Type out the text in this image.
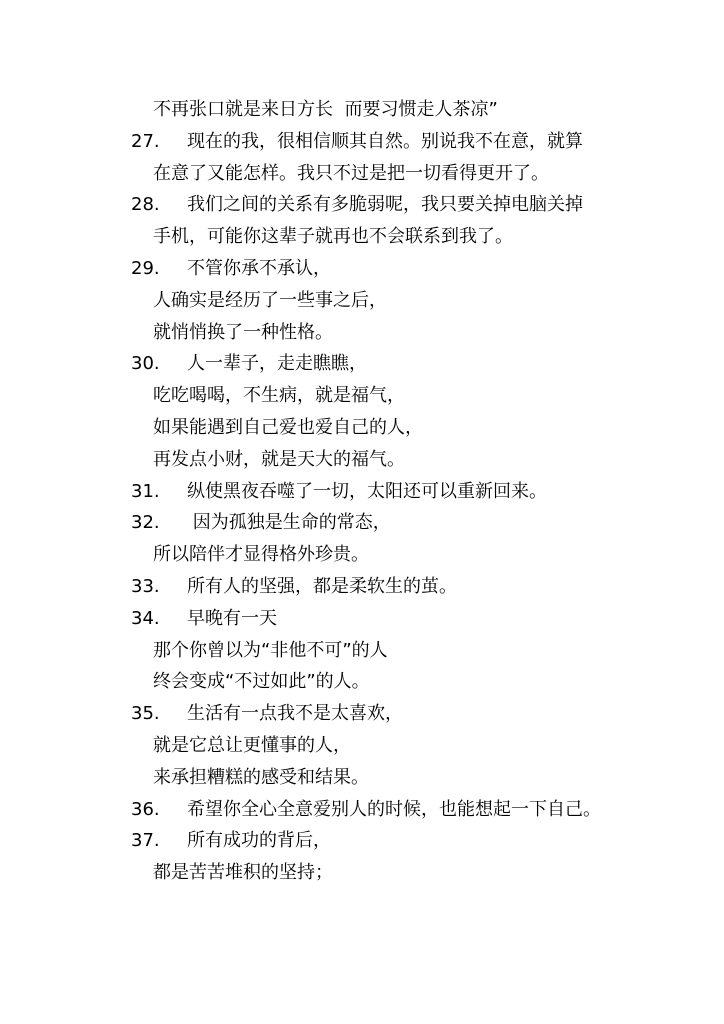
不再张口就是来日方长  而要习惯走人茶凉”
27. 现在的我，很相信顺其自然。别说我不在意，就算
在意了又能怎样。我只不过是把一切看得更开了。
28. 我们之间的关系有多脆弱呢，我只要关掉电脑关掉
手机，可能你这辈子就再也不会联系到我了。
29. 不管你承不承认，
人确实是经历了一些事之后，
就悄悄换了一种性格。
30. 人一辈子，走走瞧瞧，
吃吃喝喝，不生病，就是福气，
如果能遇到自己爱也爱自己的人，
再发点小财，就是天大的福气。
31. 纵使黑夜吞噬了一切，太阳还可以重新回来。
32. 因为孤独是生命的常态，
所以陪伴才显得格外珍贵。
33. 所有人的坚强，都是柔软生的茧。
34. 早晚有一天
那个你曾以为“非他不可”的人
终会变成“不过如此”的人。
35. 生活有一点我不是太喜欢，
就是它总让更懂事的人，
来承担糟糕的感受和结果。
36. 希望你全心全意爱别人的时候，也能想起一下自己。
37. 所有成功的背后，
都是苦苦堆积的坚持；
